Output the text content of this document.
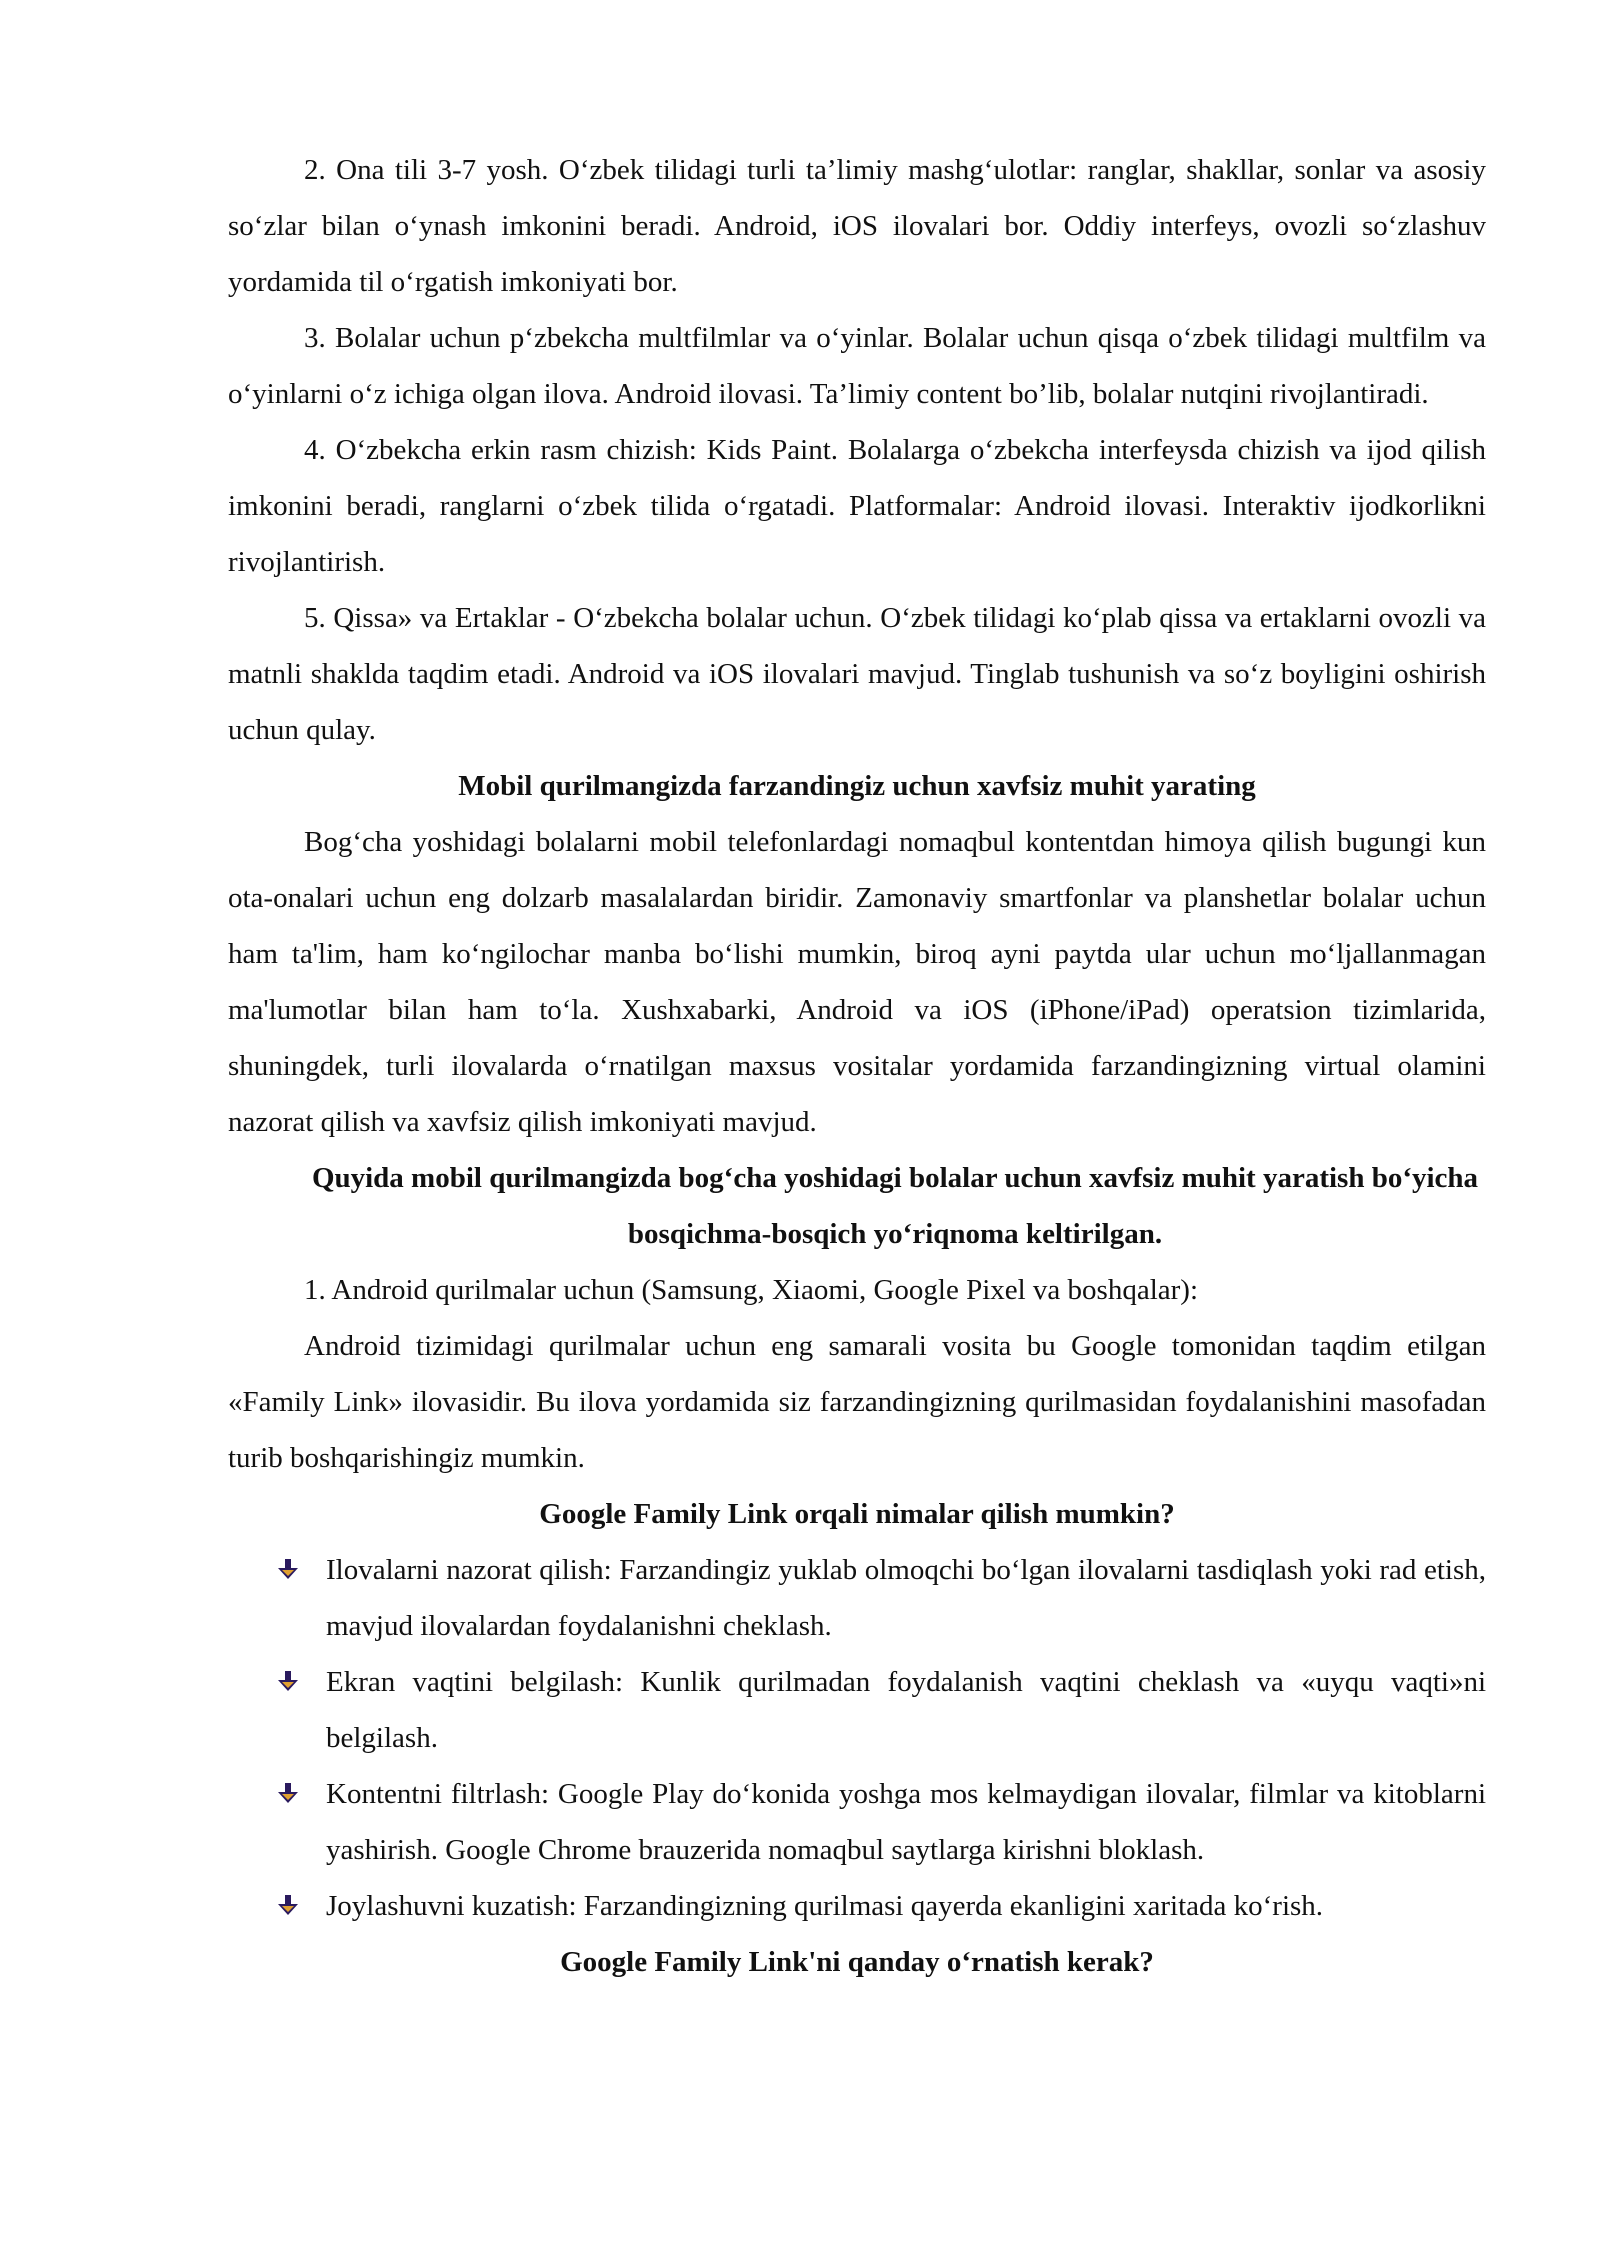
2. Ona tili 3-7 yosh. O‘zbek tilidagi turli ta’limiy mashg‘ulotlar: ranglar, shakllar, sonlar va asosiy so‘zlar bilan o‘ynash imkonini beradi. Android, iOS ilovalari bor. Oddiy interfeys, ovozli so‘zlashuv yordamida til o‘rgatish imkoniyati bor.

3. Bolalar uchun p‘zbekcha multfilmlar va o‘yinlar. Bolalar uchun qisqa o‘zbek tilidagi multfilm va o‘yinlarni o‘z ichiga olgan ilova. Android ilovasi. Ta’limiy content bo’lib, bolalar nutqini rivojlantiradi.

4. O‘zbekcha erkin rasm chizish: Kids Paint. Bolalarga o‘zbekcha interfeysda chizish va ijod qilish imkonini beradi, ranglarni o‘zbek tilida o‘rgatadi. Platformalar: Android ilovasi. Interaktiv ijodkorlikni rivojlantirish.

5. Qissa» va Ertaklar - O‘zbekcha bolalar uchun. O‘zbek tilidagi ko‘plab qissa va ertaklarni ovozli va matnli shaklda taqdim etadi. Android va iOS ilovalari mavjud. Tinglab tushunish va so‘z boyligini oshirish uchun qulay.

Mobil qurilmangizda farzandingiz uchun xavfsiz muhit yarating

Bog‘cha yoshidagi bolalarni mobil telefonlardagi nomaqbul kontentdan himoya qilish bugungi kun ota-onalari uchun eng dolzarb masalalardan biridir. Zamonaviy smartfonlar va planshetlar bolalar uchun ham ta'lim, ham ko‘ngilochar manba bo‘lishi mumkin, biroq ayni paytda ular uchun mo‘ljallanmagan ma'lumotlar bilan ham to‘la. Xushxabarki, Android va iOS (iPhone/iPad) operatsion tizimlarida, shuningdek, turli ilovalarda o‘rnatilgan maxsus vositalar yordamida farzandingizning virtual olamini nazorat qilish va xavfsiz qilish imkoniyati mavjud.

Quyida mobil qurilmangizda bog‘cha yoshidagi bolalar uchun xavfsiz muhit yaratish bo‘yicha bosqichma-bosqich yo‘riqnoma keltirilgan.

1. Android qurilmalar uchun (Samsung, Xiaomi, Google Pixel va boshqalar):

Android tizimidagi qurilmalar uchun eng samarali vosita bu Google tomonidan taqdim etilgan «Family Link» ilovasidir. Bu ilova yordamida siz farzandingizning qurilmasidan foydalanishini masofadan turib boshqarishingiz mumkin.

Google Family Link orqali nimalar qilish mumkin?

Ilovalarni nazorat qilish: Farzandingiz yuklab olmoqchi bo‘lgan ilovalarni tasdiqlash yoki rad etish, mavjud ilovalardan foydalanishni cheklash.
Ekran vaqtini belgilash: Kunlik qurilmadan foydalanish vaqtini cheklash va «uyqu vaqti»ni belgilash.
Kontentni filtrlash: Google Play do‘konida yoshga mos kelmaydigan ilovalar, filmlar va kitoblarni yashirish. Google Chrome brauzerida nomaqbul saytlarga kirishni bloklash.
Joylashuvni kuzatish: Farzandingizning qurilmasi qayerda ekanligini xaritada ko‘rish.

Google Family Link'ni qanday o‘rnatish kerak?
